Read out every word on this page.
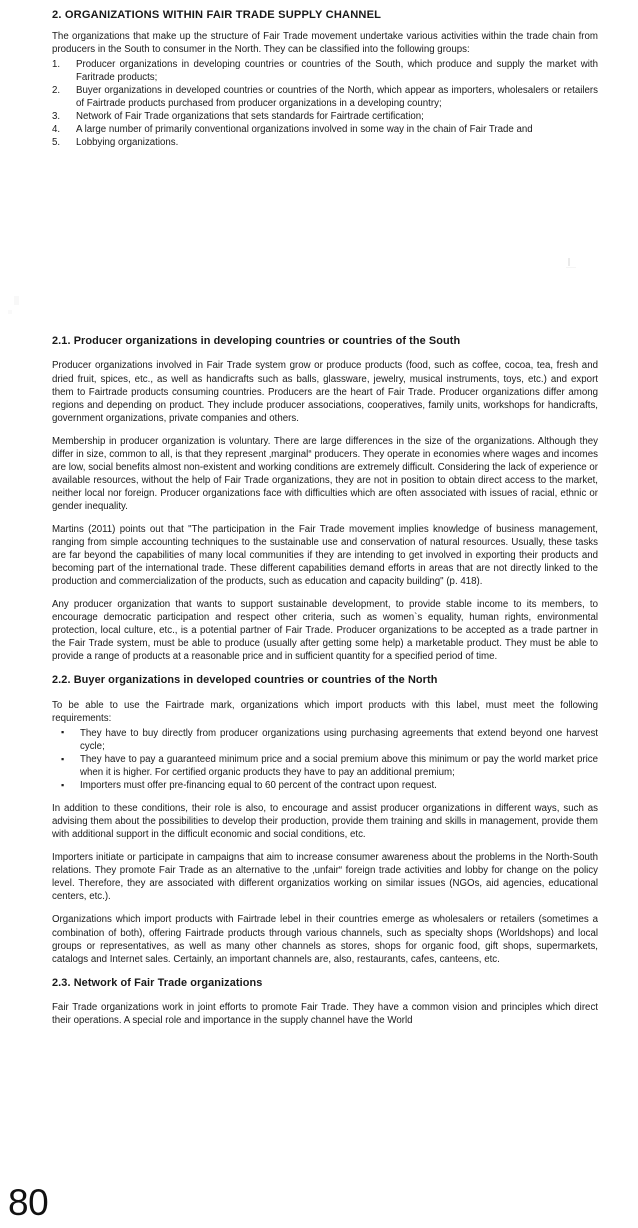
2. ORGANIZATIONS WITHIN FAIR TRADE SUPPLY CHANNEL

The organizations that make up the structure of Fair Trade movement undertake various activities within the trade chain from producers in the South to consumer in the North. They can be classified into the following groups:

Producer organizations in developing countries or countries of the South, which produce and supply the market with Faritrade products;
Buyer organizations in developed countries or countries of the North, which appear as importers, wholesalers or retailers of Fairtrade products purchased from producer organizations in a developing country;
Network of Fair Trade organizations that sets standards for Fairtrade certification;
A large number of primarily conventional organizations involved in some way in the chain of Fair Trade and
Lobbying organizations.
2.1. Producer organizations in developing countries or countries of the South

Producer organizations involved in Fair Trade system grow or produce products (food, such as coffee, cocoa, tea, fresh and dried fruit, spices, etc., as well as handicrafts such as balls, glassware, jewelry, musical instruments, toys, etc.) and export them to Fairtrade products consuming countries. Producers are the heart of Fair Trade. Producer organizations differ among regions and depending on product. They include producer associations, cooperatives, family units, workshops for handicrafts, government organizations, private companies and others.

Membership in producer organization is voluntary. There are large differences in the size of the organizations. Although they differ in size, common to all, is that they represent ‚marginal“ producers. They operate in economies where wages and incomes are low, social benefits almost non-existent and working conditions are extremely difficult. Considering the lack of experience or available resources, without the help of Fair Trade organizations, they are not in position to obtain direct access to the market, neither local nor foreign. Producer organizations face with difficulties which are often associated with issues of racial, ethnic or gender inequality.

Martins (2011) points out that "The participation in the Fair Trade movement implies knowledge of business management, ranging from simple accounting techniques to the sustainable use and conservation of natural resources. Usually, these tasks are far beyond the capabilities of many local communities if they are intending to get involved in exporting their products and becoming part of the international trade. These different capabilities demand efforts in areas that are not directly linked to the production and commercialization of the products, such as education and capacity building" (p. 418).

Any producer organization that wants to support sustainable development, to provide stable income to its members, to encourage democratic participation and respect other criteria, such as women`s equality, human rights, environmental protection, local culture, etc., is a potential partner of Fair Trade. Producer organizations to be accepted as a trade partner in the Fair Trade system, must be able to produce (usually after getting some help) a marketable product. They must be able to provide a range of products at a reasonable price and in sufficient quantity for a specified period of time.

2.2. Buyer organizations in developed countries or countries of the North

To be able to use the Fairtrade mark, organizations which import products with this label, must meet the following requirements:

▪ They have to buy directly from producer organizations using purchasing agreements that extend beyond one harvest cycle;
▪ They have to pay a guaranteed minimum price and a social premium above this minimum or pay the world market price when it is higher. For certified organic products they have to pay an additional premium;
▪ Importers must offer pre-financing equal to 60 percent of the contract upon request.

In addition to these conditions, their role is also, to encourage and assist producer organizations in different ways, such as advising them about the possibilities to develop their production, provide them training and skills in management, provide them with additional support in the difficult economic and social conditions, etc.

Importers initiate or participate in campaigns that aim to increase consumer awareness about the problems in the North-South relations. They promote Fair Trade as an alternative to the ‚unfair“ foreign trade activities and lobby for change on the policy level. Therefore, they are associated with different organizatios working on similar issues (NGOs, aid agencies, educational centers, etc.).

Organizations which import products with Fairtrade lebel in their countries emerge as wholesalers or retailers (sometimes a combination of both), offering Fairtrade products through various channels, such as specialty shops (Worldshops) and local groups or representatives, as well as many other channels as stores, shops for organic food, gift shops, supermarkets, catalogs and Internet sales. Certainly, an important channels are, also, restaurants, cafes, canteens, etc.

2.3. Network of Fair Trade organizations

Fair Trade organizations work in joint efforts to promote Fair Trade. They have a common vision and principles which direct their operations. A special role and importance in the supply channel have the World

80
